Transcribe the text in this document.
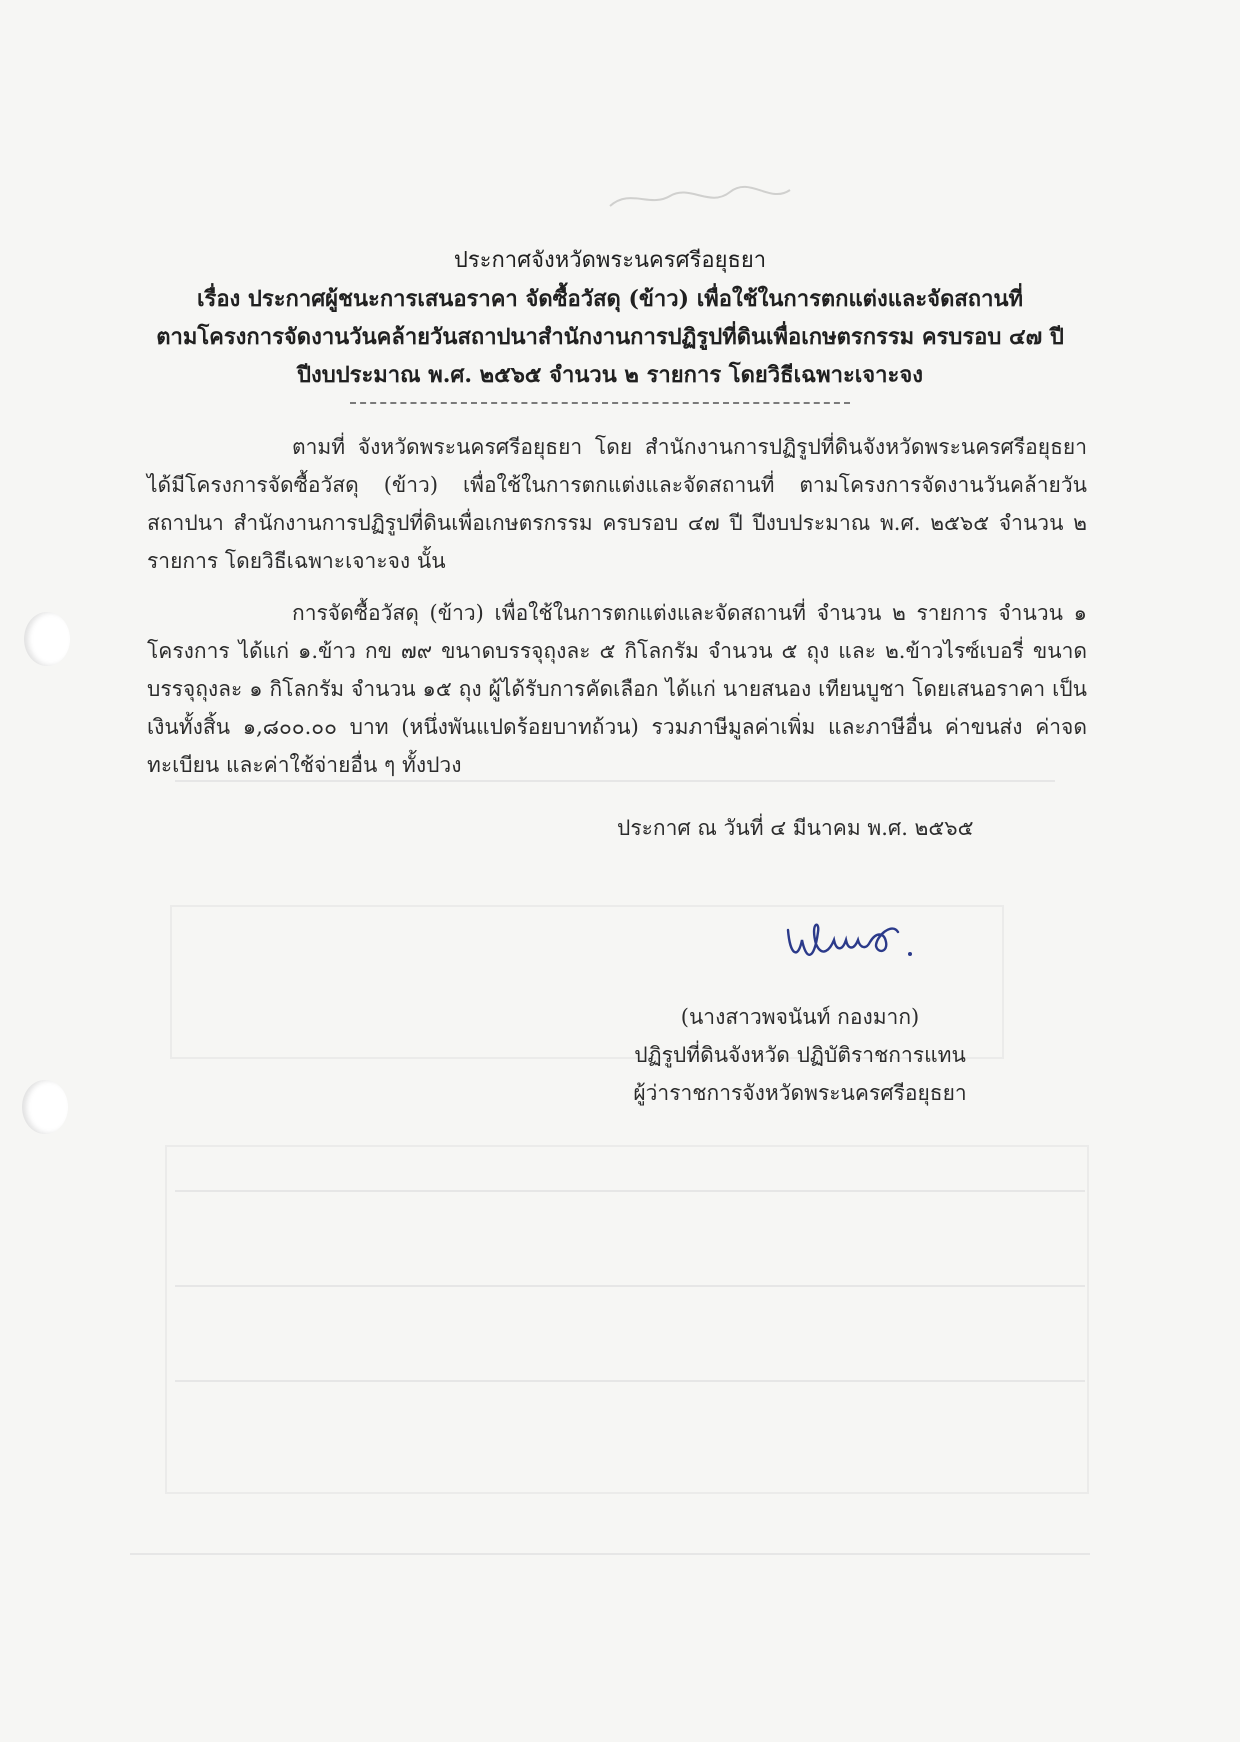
ประกาศจังหวัดพระนครศรีอยุธยา
เรื่อง ประกาศผู้ชนะการเสนอราคา จัดซื้อวัสดุ (ข้าว) เพื่อใช้ในการตกแต่งและจัดสถานที่
ตามโครงการจัดงานวันคล้ายวันสถาปนาสำนักงานการปฏิรูปที่ดินเพื่อเกษตรกรรม ครบรอบ ๔๗ ปี
ปีงบประมาณ พ.ศ. ๒๕๖๕ จำนวน ๒ รายการ โดยวิธีเฉพาะเจาะจง

ตามที่ จังหวัดพระนครศรีอยุธยา โดย สำนักงานการปฏิรูปที่ดินจังหวัดพระนครศรีอยุธยา ได้มีโครงการจัดซื้อวัสดุ (ข้าว) เพื่อใช้ในการตกแต่งและจัดสถานที่ ตามโครงการจัดงานวันคล้ายวันสถาปนา สำนักงานการปฏิรูปที่ดินเพื่อเกษตรกรรม ครบรอบ ๔๗ ปี ปีงบประมาณ พ.ศ. ๒๕๖๕ จำนวน ๒ รายการ โดยวิธีเฉพาะเจาะจง นั้น

การจัดซื้อวัสดุ (ข้าว) เพื่อใช้ในการตกแต่งและจัดสถานที่ จำนวน ๒ รายการ จำนวน ๑ โครงการ ได้แก่ ๑.ข้าว กข ๗๙ ขนาดบรรจุถุงละ ๕ กิโลกรัม จำนวน ๕ ถุง และ ๒.ข้าวไรซ์เบอรี่ ขนาดบรรจุถุงละ ๑ กิโลกรัม จำนวน ๑๕ ถุง ผู้ได้รับการคัดเลือก ได้แก่ นายสนอง เทียนบูชา โดยเสนอราคา เป็นเงินทั้งสิ้น ๑,๘๐๐.๐๐ บาท (หนึ่งพันแปดร้อยบาทถ้วน) รวมภาษีมูลค่าเพิ่ม และภาษีอื่น ค่าขนส่ง ค่าจดทะเบียน และค่าใช้จ่ายอื่น ๆ ทั้งปวง

ประกาศ ณ วันที่ ๔ มีนาคม พ.ศ. ๒๕๖๕
(นางสาวพจนันท์ กองมาก)
ปฏิรูปที่ดินจังหวัด ปฏิบัติราชการแทน
ผู้ว่าราชการจังหวัดพระนครศรีอยุธยา
